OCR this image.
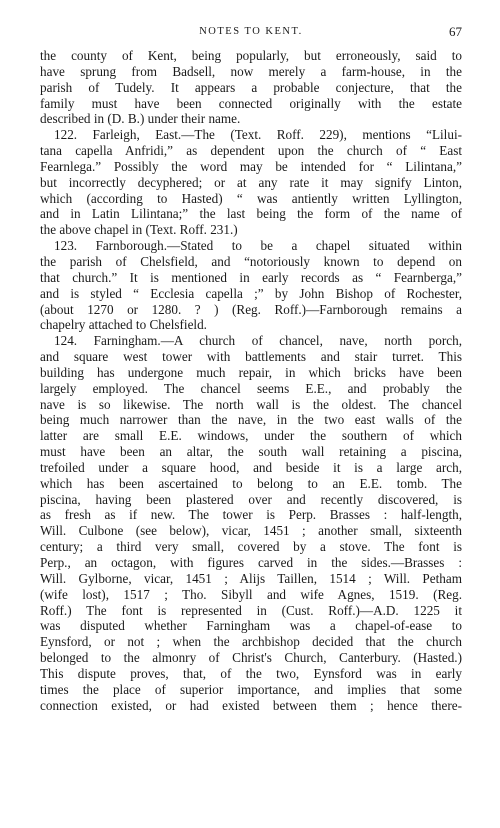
NOTES TO KENT.	67
the county of Kent, being popularly, but erroneously, said to
have sprung from Badsell, now merely a farm-house, in the
parish of Tudely. It appears a probable conjecture, that the
family must have been connected originally with the estate
described in (D. B.) under their name.
122. Farleigh, East.—The (Text. Roff. 229), mentions “Lilui-
tana capella Anfridi,” as dependent upon the church of “ East
Fearnlega.” Possibly the word may be intended for “ Lilintana,”
but incorrectly decyphered; or at any rate it may signify Linton,
which (according to Hasted) “ was antiently written Lyllington,
and in Latin Lilintana;” the last being the form of the name of
the above chapel in (Text. Roff. 231.)
123. Farnborough.—Stated to be a chapel situated within
the parish of Chelsfield, and “notoriously known to depend on
that church.” It is mentioned in early records as “ Fearnberga,”
and is styled “ Ecclesia capella ;” by John Bishop of Rochester,
(about 1270 or 1280. ? ) (Reg. Roff.)—Farnborough remains a
chapelry attached to Chelsfield.
124. Farningham.—A church of chancel, nave, north porch,
and square west tower with battlements and stair turret. This
building has undergone much repair, in which bricks have been
largely employed. The chancel seems E.E., and probably the
nave is so likewise. The north wall is the oldest. The chancel
being much narrower than the nave, in the two east walls of the
latter are small E.E. windows, under the southern of which
must have been an altar, the south wall retaining a piscina,
trefoiled under a square hood, and beside it is a large arch,
which has been ascertained to belong to an E.E. tomb. The
piscina, having been plastered over and recently discovered, is
as fresh as if new. The tower is Perp. Brasses : half-length,
Will. Culbone (see below), vicar, 1451 ; another small, sixteenth
century; a third very small, covered by a stove. The font is
Perp., an octagon, with figures carved in the sides.—Brasses :
Will. Gylborne, vicar, 1451 ; Alijs Taillen, 1514 ; Will. Petham
(wife lost), 1517 ; Tho. Sibyll and wife Agnes, 1519. (Reg.
Roff.) The font is represented in (Cust. Roff.)—A.D. 1225 it
was disputed whether Farningham was a chapel-of-ease to
Eynsford, or not ; when the archbishop decided that the church
belonged to the almonry of Christ's Church, Canterbury. (Hasted.)
This dispute proves, that, of the two, Eynsford was in early
times the place of superior importance, and implies that some
connection existed, or had existed between them ; hence there-
